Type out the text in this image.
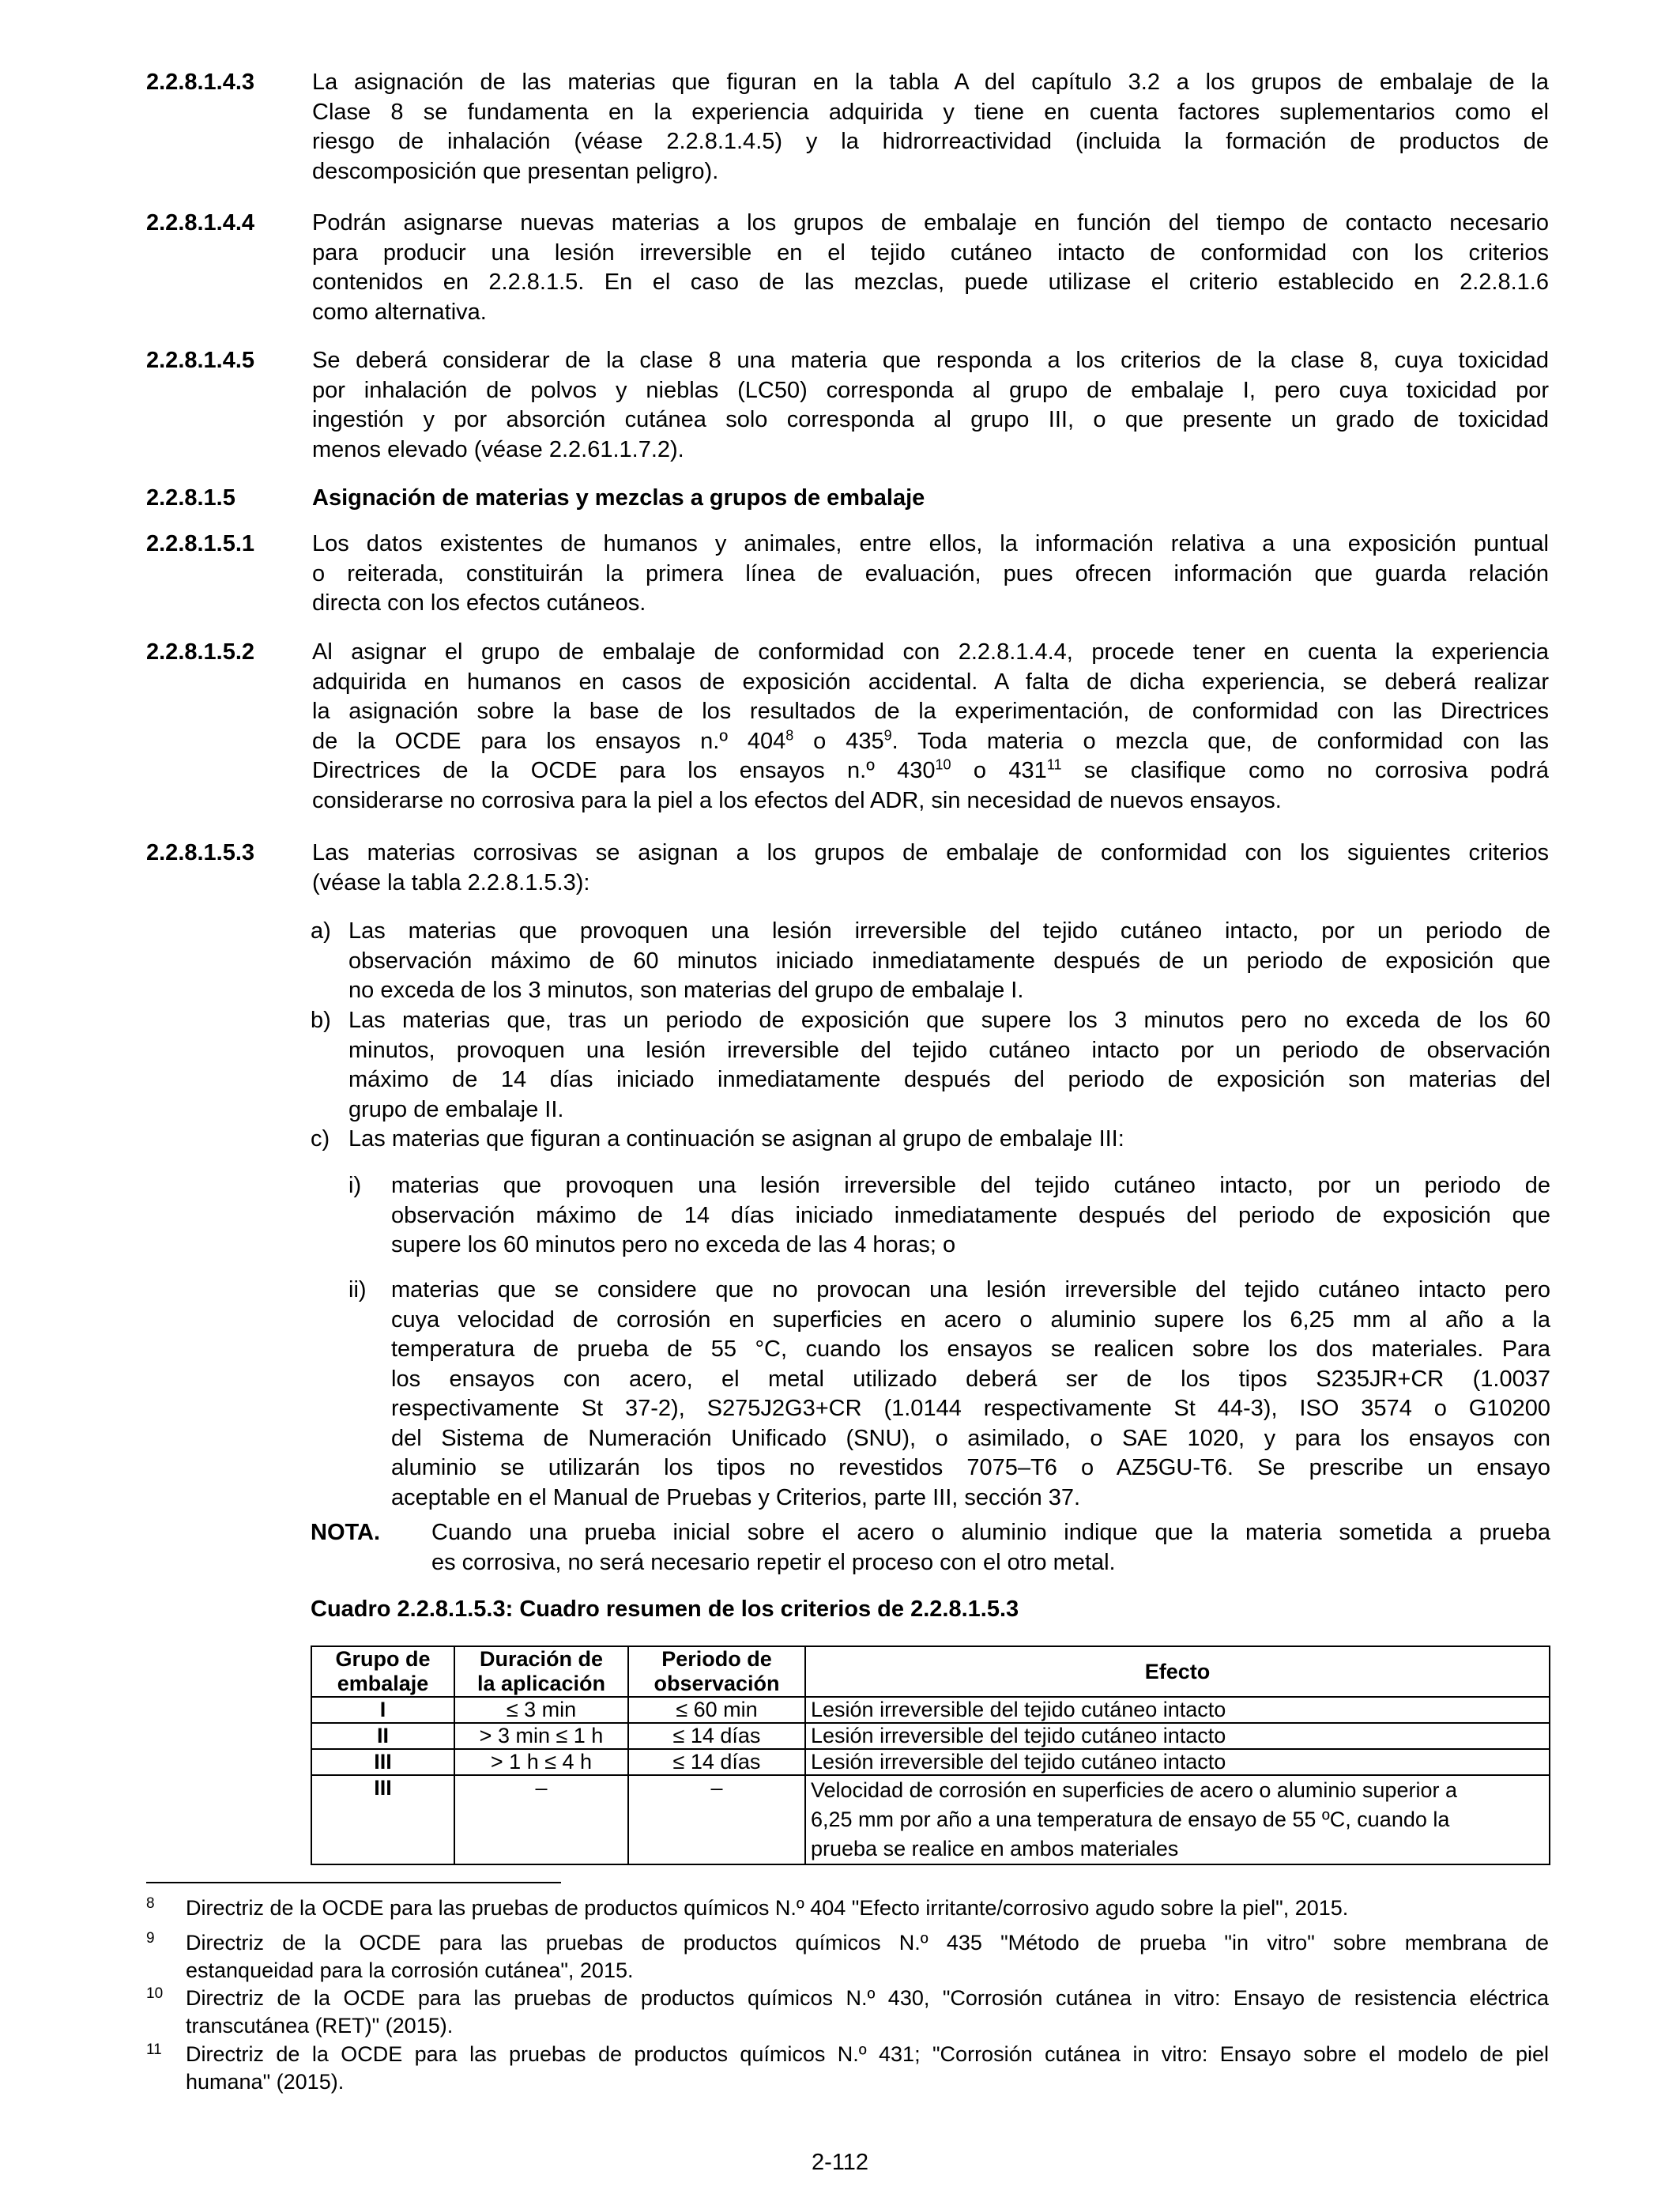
2.2.8.1.4.3	La asignación de las materias que figuran en la tabla A del capítulo 3.2 a los grupos de embalaje de la
Clase 8 se fundamenta en la experiencia adquirida y tiene en cuenta factores suplementarios como el
riesgo de inhalación (véase 2.2.8.1.4.5) y la hidrorreactividad (incluida la formación de productos de
descomposición que presentan peligro).
2.2.8.1.4.4	Podrán asignarse nuevas materias a los grupos de embalaje en función del tiempo de contacto necesario
para producir una lesión irreversible en el tejido cutáneo intacto de conformidad con los criterios
contenidos en 2.2.8.1.5. En el caso de las mezclas, puede utilizase el criterio establecido en 2.2.8.1.6
como alternativa.
2.2.8.1.4.5	Se deberá considerar de la clase 8 una materia que responda a los criterios de la clase 8, cuya toxicidad
por inhalación de polvos y nieblas (LC50) corresponda al grupo de embalaje I, pero cuya toxicidad por
ingestión y por absorción cutánea solo corresponda al grupo III, o que presente un grado de toxicidad
menos elevado (véase 2.2.61.1.7.2).
2.2.8.1.5	Asignación de materias y mezclas a grupos de embalaje
2.2.8.1.5.1	Los datos existentes de humanos y animales, entre ellos, la información relativa a una exposición puntual
o reiterada, constituirán la primera línea de evaluación, pues ofrecen información que guarda relación
directa con los efectos cutáneos.
2.2.8.1.5.2	Al asignar el grupo de embalaje de conformidad con 2.2.8.1.4.4, procede tener en cuenta la experiencia
adquirida en humanos en casos de exposición accidental. A falta de dicha experiencia, se deberá realizar
la asignación sobre la base de los resultados de la experimentación, de conformidad con las Directrices
de la OCDE para los ensayos n.º $404^8$ o $435^9$. Toda materia o mezcla que, de conformidad con las
Directrices de la OCDE para los ensayos n.º $430^{10}$ o $431^{11}$ se clasifique como no corrosiva podrá
considerarse no corrosiva para la piel a los efectos del ADR, sin necesidad de nuevos ensayos.
2.2.8.1.5.3	Las materias corrosivas se asignan a los grupos de embalaje de conformidad con los siguientes criterios
(véase la tabla 2.2.8.1.5.3):
a) Las materias que provoquen una lesión irreversible del tejido cutáneo intacto, por un periodo de
observación máximo de 60 minutos iniciado inmediatamente después de un periodo de exposición que
no exceda de los 3 minutos, son materias del grupo de embalaje I.
b) Las materias que, tras un periodo de exposición que supere los 3 minutos pero no exceda de los 60
minutos, provoquen una lesión irreversible del tejido cutáneo intacto por un periodo de observación
máximo de 14 días iniciado inmediatamente después del periodo de exposición son materias del
grupo de embalaje II.
c) Las materias que figuran a continuación se asignan al grupo de embalaje III:
i) materias que provoquen una lesión irreversible del tejido cutáneo intacto, por un periodo de
observación máximo de 14 días iniciado inmediatamente después del periodo de exposición que
supere los 60 minutos pero no exceda de las 4 horas; o
ii) materias que se considere que no provocan una lesión irreversible del tejido cutáneo intacto pero
cuya velocidad de corrosión en superficies en acero o aluminio supere los 6,25 mm al año a la
temperatura de prueba de 55 °C, cuando los ensayos se realicen sobre los dos materiales. Para
los ensayos con acero, el metal utilizado deberá ser de los tipos S235JR+CR (1.0037
respectivamente St 37-2), S275J2G3+CR (1.0144 respectivamente St 44-3), ISO 3574 o G10200
del Sistema de Numeración Unificado (SNU), o asimilado, o SAE 1020, y para los ensayos con
aluminio se utilizarán los tipos no revestidos 7075–T6 o AZ5GU-T6. Se prescribe un ensayo
aceptable en el Manual de Pruebas y Criterios, parte III, sección 37.
NOTA. Cuando una prueba inicial sobre el acero o aluminio indique que la materia sometida a prueba
es corrosiva, no será necesario repetir el proceso con el otro metal.
Cuadro 2.2.8.1.5.3: Cuadro resumen de los criterios de 2.2.8.1.5.3
Grupo de
embalaje	Duración de
la aplicación	Periodo de
observación	Efecto
I	≤ 3 min	≤ 60 min	Lesión irreversible del tejido cutáneo intacto
II	> 3 min ≤ 1 h	≤ 14 días	Lesión irreversible del tejido cutáneo intacto
III	> 1 h ≤ 4 h	≤ 14 días	Lesión irreversible del tejido cutáneo intacto
III	–	–	Velocidad de corrosión en superficies de acero o aluminio superior a
6,25 mm por año a una temperatura de ensayo de 55 ºC, cuando la
prueba se realice en ambos materiales
8 Directriz de la OCDE para las pruebas de productos químicos N.º 404 "Efecto irritante/corrosivo agudo sobre la piel", 2015.
9 Directriz de la OCDE para las pruebas de productos químicos N.º 435 "Método de prueba "in vitro" sobre membrana de
estanqueidad para la corrosión cutánea", 2015.
10 Directriz de la OCDE para las pruebas de productos químicos N.º 430, "Corrosión cutánea in vitro: Ensayo de resistencia eléctrica
transcutánea (RET)" (2015).
11 Directriz de la OCDE para las pruebas de productos químicos N.º 431; "Corrosión cutánea in vitro: Ensayo sobre el modelo de piel
humana" (2015).
2-112
